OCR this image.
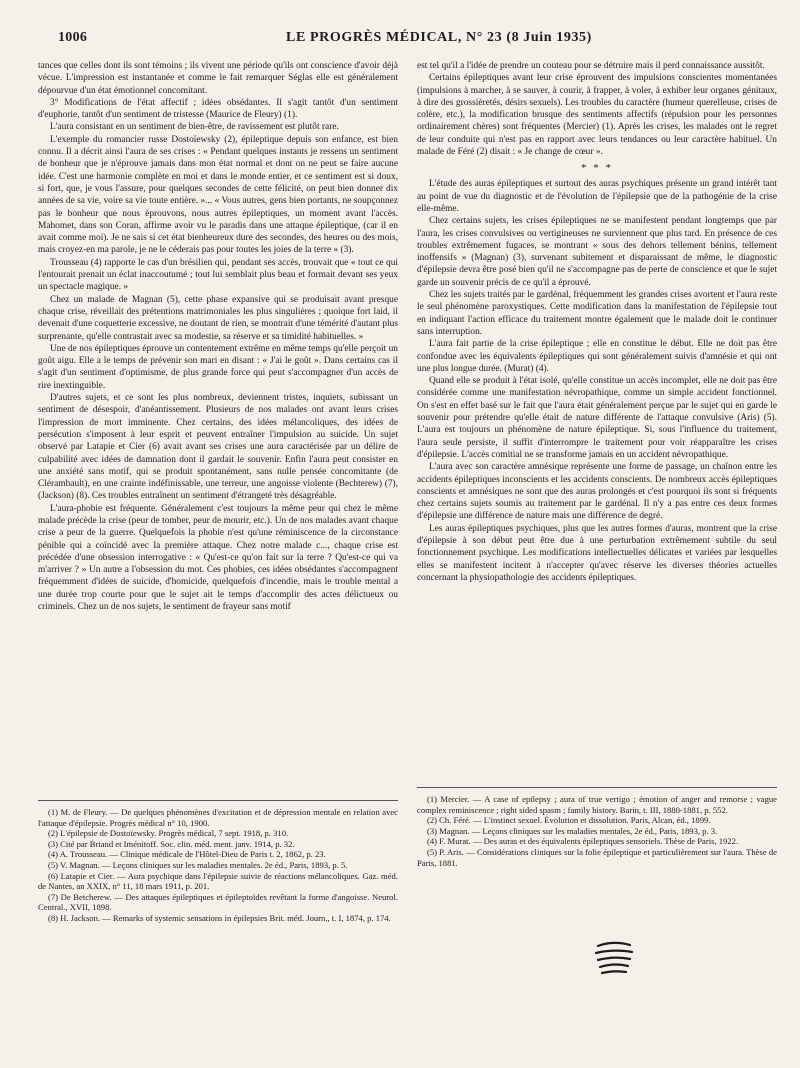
1006	LE PROGRÈS MÉDICAL, N° 23 (8 Juin 1935)

tances que celles dont ils sont témoins ; ils vivent une période qu'ils ont conscience d'avoir déjà vécue. L'impression est instantanée et comme le fait remarquer Séglas elle est généralement dépourvue d'un état émotionnel concomitant.

3° Modifications de l'état affectif ; idées obsédantes. Il s'agit tantôt d'un sentiment d'euphorie, tantôt d'un sentiment de tristesse (Maurice de Fleury) (1).

L'aura consistant en un sentiment de bien-être, de ravissement est plutôt rare.

L'exemple du romancier russe Dostoïewsky (2), épileptique depuis son enfance, est bien connu. Il a décrit ainsi l'aura de ses crises : « Pendant quelques instants je ressens un sentiment de bonheur que je n'éprouve jamais dans mon état normal et dont on ne peut se faire aucune idée. C'est une harmonie complète en moi et dans le monde entier, et ce sentiment est si doux, si fort, que, je vous l'assure, pour quelques secondes de cette félicité, on peut bien donner dix années de sa vie, voire sa vie toute entière. »... « Vous autres, gens bien portants, ne soupçonnez pas le bonheur que nous éprouvons, nous autres épileptiques, un moment avant l'accès. Mahomet, dans son Coran, affirme avoir vu le paradis dans une attaque épileptique, (car il en avait comme moi). Je ne sais si cet état bienheureux dure des secondes, des heures ou des mois, mais croyez-en ma parole, je ne le céderais pas pour toutes les joies de la terre » (3).

Trousseau (4) rapporte le cas d'un brésilien qui, pendant ses accès, trouvait que « tout ce qui l'entourait prenait un éclat inaccoutumé ; tout lui semblait plus beau et formait devant ses yeux un spectacle magique. »

Chez un malade de Magnan (5), cette phase expansive qui se produisait avant presque chaque crise, réveillait des prétentions matrimoniales les plus singulières ; quoique fort laid, il devenait d'une coquetterie excessive, ne doutant de rien, se montrait d'une témérité d'autant plus surprenante, qu'elle contrastait avec sa modestie, sa réserve et sa timidité habituelles. »

Une de nos épileptiques éprouve un contentement extrême en même temps qu'elle perçoit un goût aigu. Elle a le temps de prévenir son mari en disant : « J'ai le goût ». Dans certains cas il s'agit d'un sentiment d'optimisme, de plus grande force qui peut s'accompagner d'un accès de rire inextinguible.

D'autres sujets, et ce sont les plus nombreux, deviennent tristes, inquiets, subissant un sentiment de désespoir, d'anéantissement. Plusieurs de nos malades ont avant leurs crises l'impression de mort imminente. Chez certains, des idées mélancoliques, des idées de persécution s'imposent à leur esprit et peuvent entraîner l'impulsion au suicide. Un sujet observé par Latapie et Cier (6) avait avant ses crises une aura caractérisée par un délire de culpabilité avec idées de damnation dont il gardait le souvenir. Enfin l'aura peut consister en une anxiété sans motif, qui se produit spontanément, sans nulle pensée concomitante (de Clérambault), en une crainte indéfinissable, une terreur, une angoisse violente (Bechterew) (7), (Jackson) (8). Ces troubles entraînent un sentiment d'étrangeté très désagréable.

L'aura-phobie est fréquente. Généralement c'est toujours la même peur qui chez le même malade précède la crise (peur de tomber, peur de mourir, etc.). Un de nos malades avant chaque crise a peur de la guerre. Quelquefois la phobie n'est qu'une réminiscence de la circonstance pénible qui a coïncidé avec la première attaque. Chez notre malade c..., chaque crise est précédée d'une obsession interrogative : « Qu'est-ce qu'on fait sur la terre ? Qu'est-ce qui va m'arriver ? » Un autre a l'obsession du mot. Ces phobies, ces idées obsédantes s'accompagnent fréquemment d'idées de suicide, d'homicide, quelquefois d'incendie, mais le trouble mental a une durée trop courte pour que le sujet ait le temps d'accomplir des actes délictueux ou criminels. Chez un de nos sujets, le sentiment de frayeur sans motif

est tel qu'il a l'idée de prendre un couteau pour se détruire mais il perd connaissance aussitôt.

Certains épileptiques avant leur crise éprouvent des impulsions conscientes momentanées (impulsions à marcher, à se sauver, à courir, à frapper, à voler, à exhiber leur organes génitaux, à dire des grossièretés, désirs sexuels). Les troubles du caractère (humeur querelleuse, crises de colère, etc.), la modification brusque des sentiments affectifs (répulsion pour les personnes ordinairement chères) sont fréquentes (Mercier) (1). Après les crises, les malades ont le regret de leur conduite qui n'est pas en rapport avec leurs tendances ou leur caractère habituel. Un malade de Féré (2) disait : « Je change de cœur ».

* * *

L'étude des auras épileptiques et surtout des auras psychiques présente un grand intérêt tant au point de vue du diagnostic et de l'évolution de l'épilepsie que de la pathogénie de la crise elle-même.

Chez certains sujets, les crises épileptiques ne se manifestent pendant longtemps que par l'aura, les crises convulsives ou vertigineuses ne surviennent que plus tard. En présence de ces troubles extrêmement fugaces, se montrant « sous des dehors tellement bénins, tellement inoffensifs » (Magnan) (3), survenant subitement et disparaissant de même, le diagnostic d'épilepsie devra être posé bien qu'il ne s'accompagne pas de perte de conscience et que le sujet garde un souvenir précis de ce qu'il a éprouvé.

Chez les sujets traités par le gardénal, fréquemment les grandes crises avortent et l'aura reste le seul phénomène paroxystiques. Cette modification dans la manifestation de l'épilepsie tout en indiquant l'action efficace du traitement montre également que le malade doit le continuer sans interruption.

L'aura fait partie de la crise épileptique ; elle en constitue le début. Elle ne doit pas être confondue avec les équivalents épileptiques qui sont généralement suivis d'amnésie et qui ont une plus longue durée. (Murat) (4).

Quand elle se produit à l'état isolé, qu'elle constitue un accès incomplet, elle ne doit pas être considérée comme une manifestation névropathique, comme un simple accident fonctionnel. On s'est en effet basé sur le fait que l'aura était généralement perçue par le sujet qui en garde le souvenir pour prétendre qu'elle était de nature différente de l'attaque convulsive (Aris) (5). L'aura est toujours un phénomène de nature épileptique. Si, sous l'influence du traitement, l'aura seule persiste, il suffit d'interrompre le traitement pour voir réapparaître les crises d'épilepsie. L'accès comitial ne se transforme jamais en un accident névropathique.

L'aura avec son caractère amnésique représente une forme de passage, un chaînon entre les accidents épileptiques inconscients et les accidents conscients. De nombreux accès épileptiques conscients et amnésiques ne sont que des auras prolongés et c'est pourquoi ils sont si fréquents chez certains sujets soumis au traitement par le gardénal. Il n'y a pas entre ces deux formes d'épilepsie une différence de nature mais une différence de degré.

Les auras épileptiques psychiques, plus que les autres formes d'auras, montrent que la crise d'épilepsie à son début peut être due à une perturbation extrêmement subtile du seul fonctionnement psychique. Les modifications intellectuelles délicates et variées par lesquelles elles se manifestent incitent à n'accepter qu'avec réserve les diverses théories actuelles concernant la physiopathologie des accidents épileptiques.

(1) M. de Fleury. — De quelques phénomènes d'excitation et de dépression mentale en relation avec l'attaque d'épilepsie. Progrès médical n° 10, 1900.

(2) L'épilepsie de Dostoïewsky. Progrès médical, 7 sept. 1918, p. 310.

(3) Cité par Briand et Iménitoff. Soc. clin. méd. ment. janv. 1914, p. 32.

(4) A. Trousseau. — Clinique médicale de l'Hôtel-Dieu de Paris t. 2, 1862, p. 23.

(5) V. Magnan. — Leçons cliniques sur les maladies mentales. 2e éd., Paris, 1893, p. 5.

(6) Latapie et Cier. — Aura psychique dans l'épilepsie suivie de réactions mélancoliques. Gaz. méd. de Nantes, an XXIX, n° 11, 18 mars 1911, p. 201.

(7) De Betcherew. — Des attaques épileptiques et épileptoïdes revêtant la forme d'angoisse. Neurol. Central., XVII, 1898.

(8) H. Jackson. — Remarks of systemic sensations in épilepsies Brit. méd. Journ., t. I, 1874, p. 174.

(1) Mercier. — A case of epilepsy ; aura of true vertigo ; émotion of anger and remorse ; vague complex reminiscence ; right sided spasm ; family history. Barin, t. III, 1880-1881, p. 552.

(2) Ch. Féré. — L'instinct sexuel. Évolution et dissolution. Paris, Alcan, éd., 1899.

(3) Magnan. — Leçons cliniques sur les maladies mentales, 2e éd., Paris, 1893, p. 3.

(4) F. Murat. — Des auras et des équivalents épileptiques sensoriels. Thèse de Paris, 1922.

(5) P. Aris. — Considérations cliniques sur la folie épileptique et particulièrement sur l'aura. Thèse de Paris, 1881.
